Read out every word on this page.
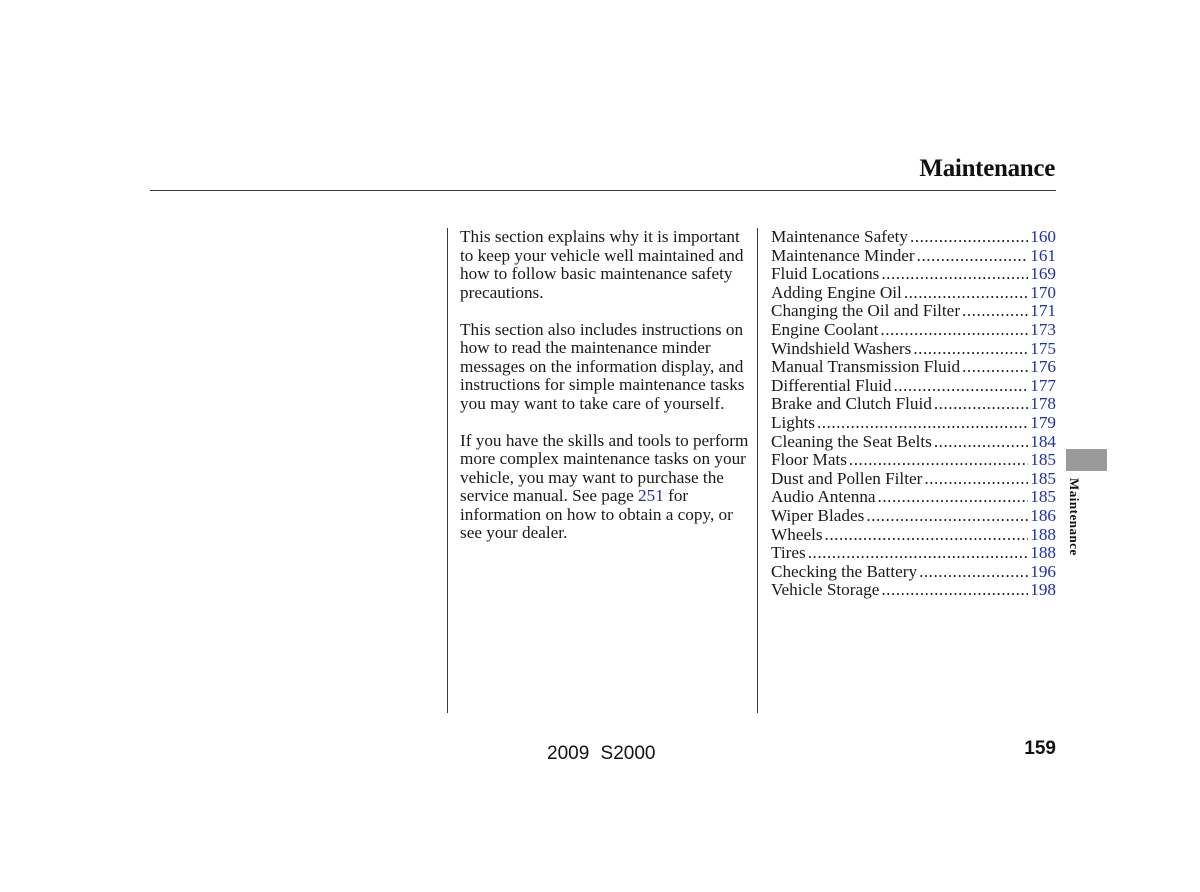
Maintenance

This section explains why it is important to keep your vehicle well maintained and how to follow basic maintenance safety precautions.

This section also includes instructions on how to read the maintenance minder messages on the information display, and instructions for simple maintenance tasks you may want to take care of yourself.

If you have the skills and tools to perform more complex maintenance tasks on your vehicle, you may want to purchase the service manual. See page 251 for information on how to obtain a copy, or see your dealer.

Maintenance Safety .....	160
Maintenance Minder .....	161
Fluid Locations .....	169
Adding Engine Oil .....	170
Changing the Oil and Filter .....	171
Engine Coolant .....	173
Windshield Washers .....	175
Manual Transmission Fluid .....	176
Differential Fluid .....	177
Brake and Clutch Fluid .....	178
Lights .....	179
Cleaning the Seat Belts .....	184
Floor Mats .....	185
Dust and Pollen Filter .....	185
Audio Antenna .....	185
Wiper Blades .....	186
Wheels .....	188
Tires .....	188
Checking the Battery .....	196
Vehicle Storage .....	198
Maintenance
2009 S2000	159
